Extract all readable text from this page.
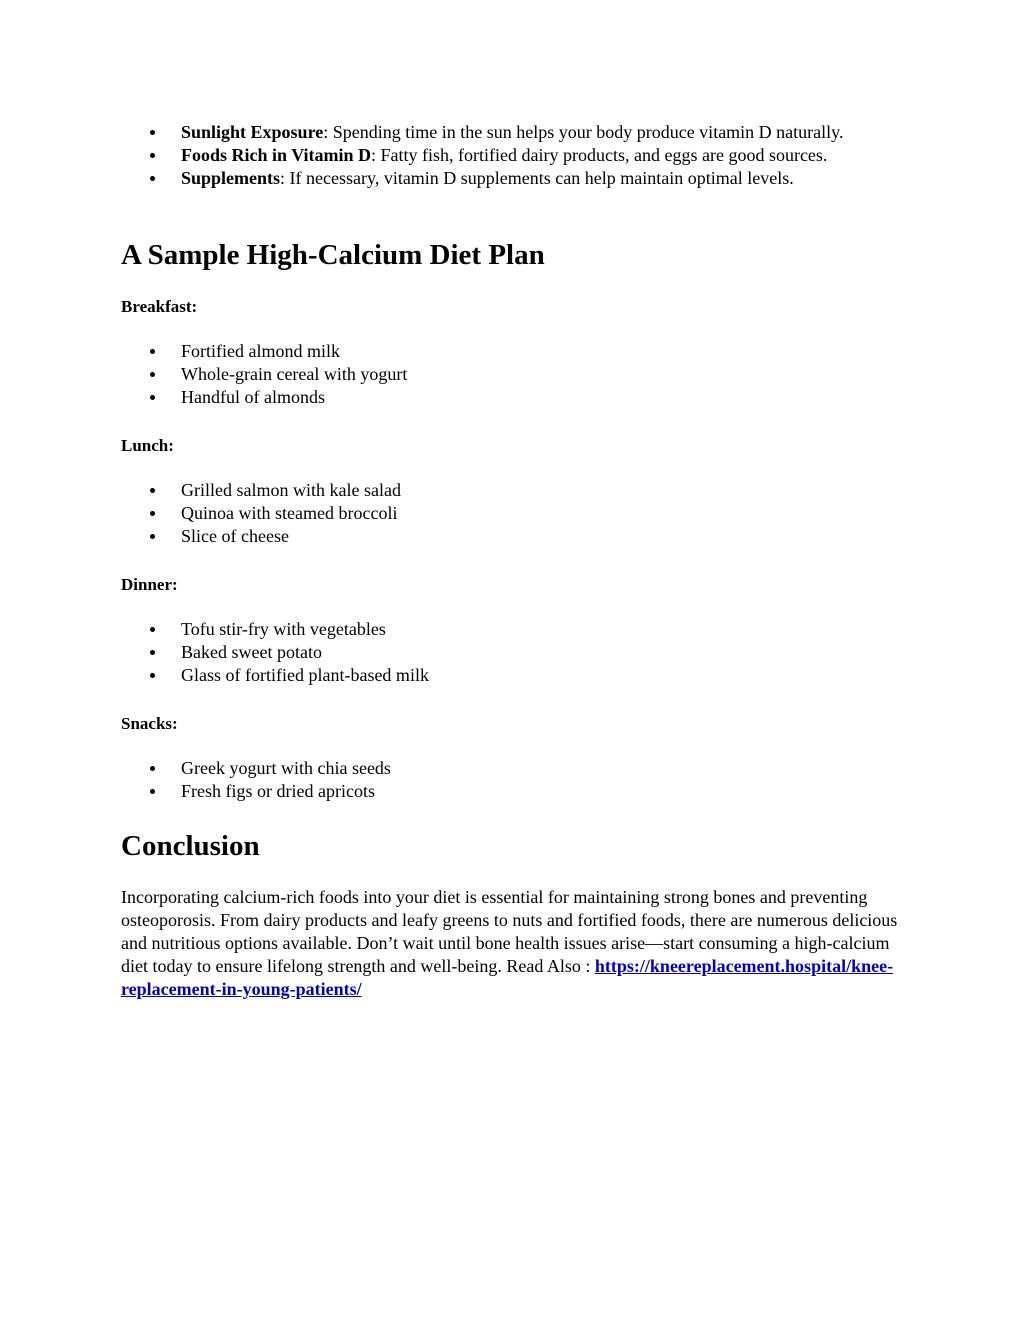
Sunlight Exposure: Spending time in the sun helps your body produce vitamin D naturally.
Foods Rich in Vitamin D: Fatty fish, fortified dairy products, and eggs are good sources.
Supplements: If necessary, vitamin D supplements can help maintain optimal levels.
A Sample High-Calcium Diet Plan

Breakfast:

Fortified almond milk
Whole-grain cereal with yogurt
Handful of almonds

Lunch:

Grilled salmon with kale salad
Quinoa with steamed broccoli
Slice of cheese

Dinner:

Tofu stir-fry with vegetables
Baked sweet potato
Glass of fortified plant-based milk

Snacks:

Greek yogurt with chia seeds
Fresh figs or dried apricots
Conclusion

Incorporating calcium-rich foods into your diet is essential for maintaining strong bones and preventing osteoporosis. From dairy products and leafy greens to nuts and fortified foods, there are numerous delicious and nutritious options available. Don’t wait until bone health issues arise—start consuming a high-calcium diet today to ensure lifelong strength and well-being. Read Also : https://kneereplacement.hospital/knee-replacement-in-young-patients/
